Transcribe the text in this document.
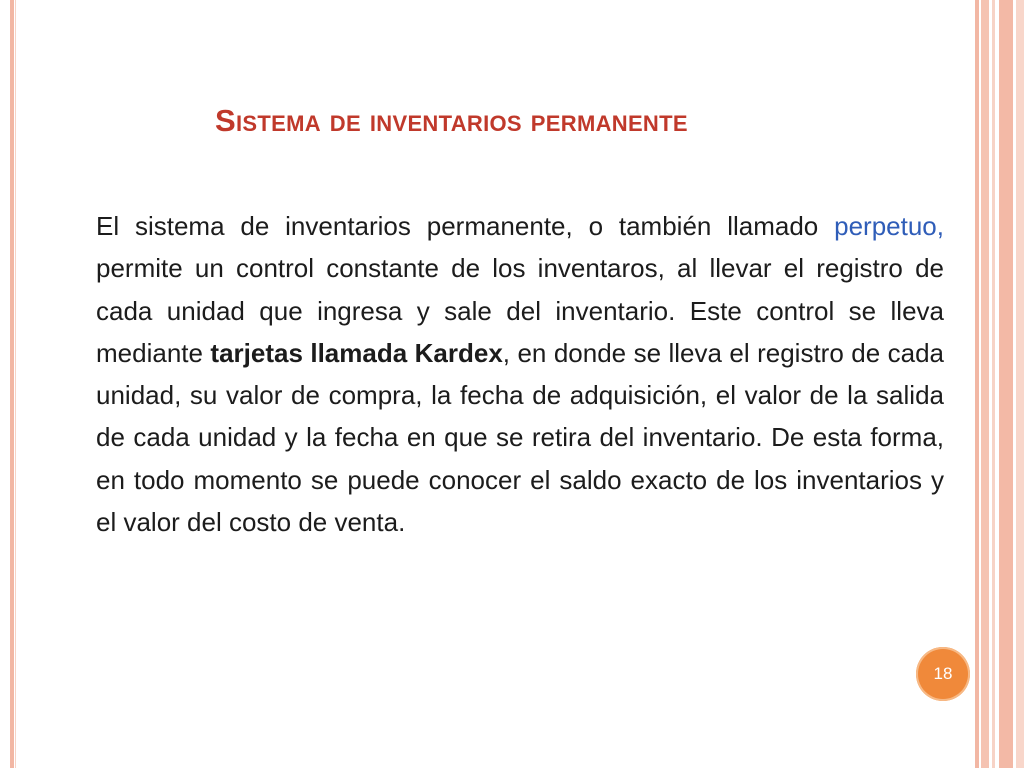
Sistema de inventarios permanente

El sistema de inventarios permanente, o también llamado perpetuo, permite un control constante de los inventaros, al llevar el registro de cada unidad que ingresa y sale del inventario. Este control se lleva mediante tarjetas llamada Kardex, en donde se lleva el registro de cada unidad, su valor de compra, la fecha de adquisición, el valor de la salida de cada unidad y la fecha en que se retira del inventario. De esta forma, en todo momento se puede conocer el saldo exacto de los inventarios y el valor del costo de venta.

18
